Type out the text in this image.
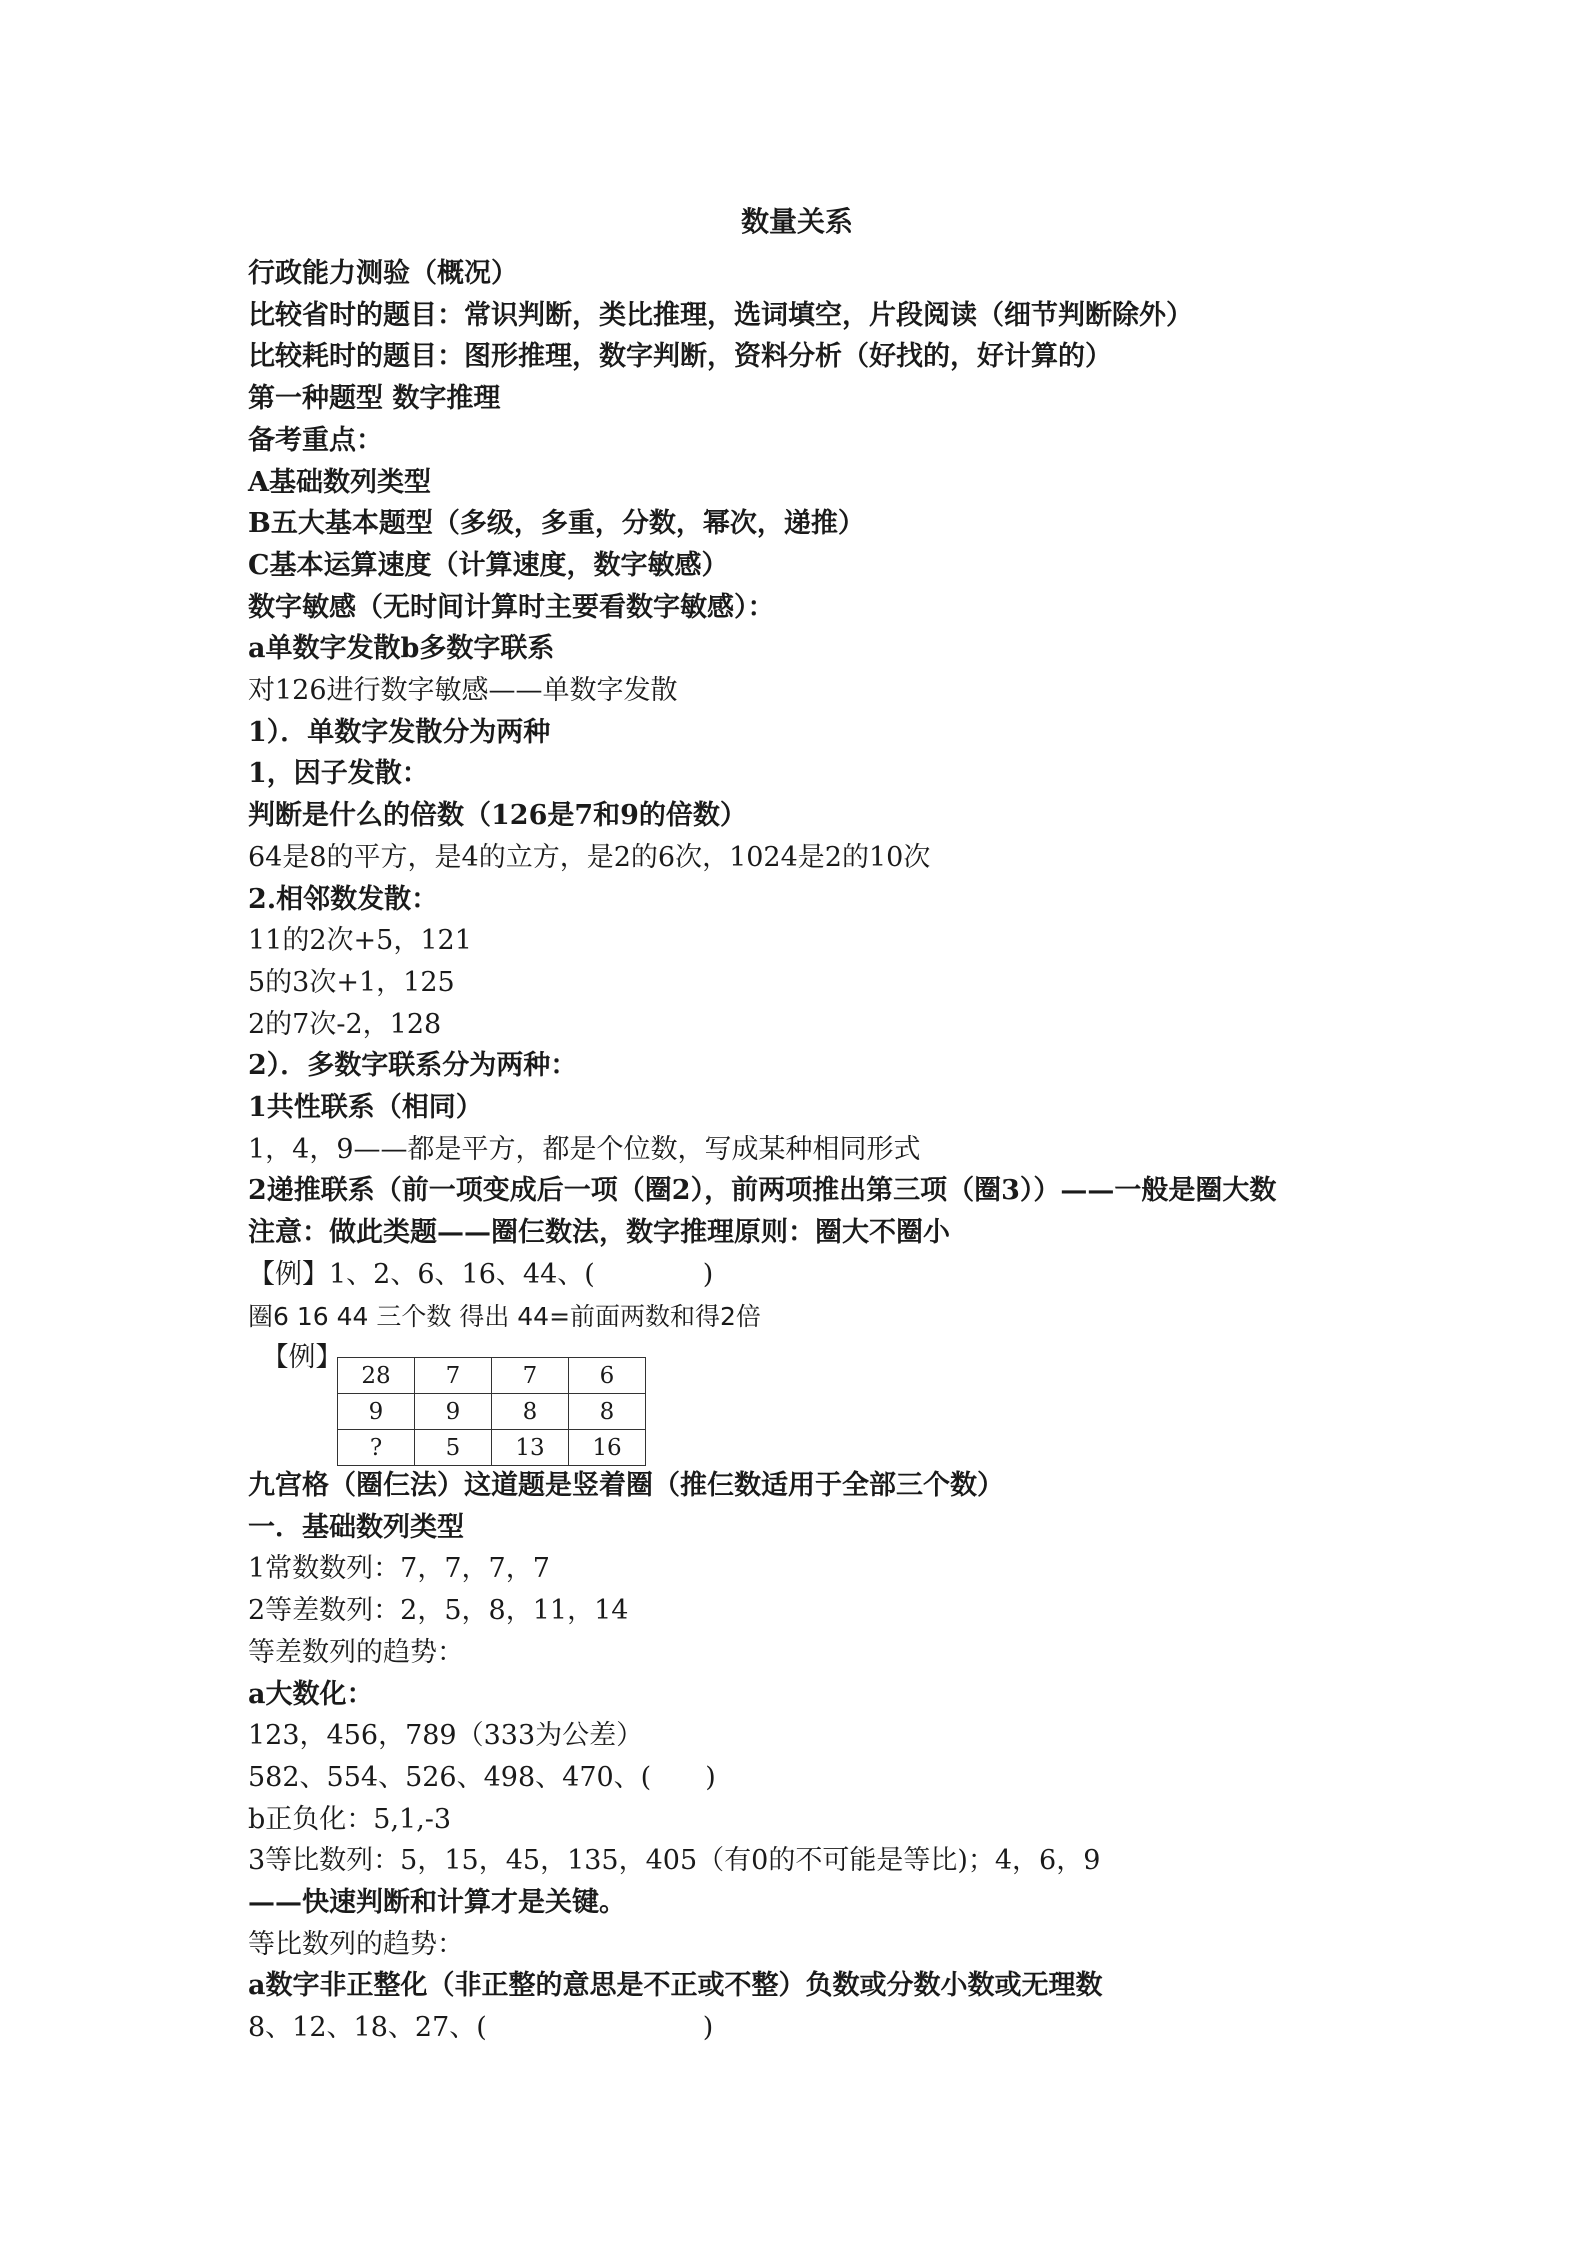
数量关系
行政能力测验（概况）
比较省时的题目：常识判断，类比推理，选词填空，片段阅读（细节判断除外）
比较耗时的题目：图形推理，数字判断，资料分析（好找的，好计算的）
第一种题型 数字推理
备考重点：
A基础数列类型
B五大基本题型（多级，多重，分数，幂次，递推）
C基本运算速度（计算速度，数字敏感）
数字敏感（无时间计算时主要看数字敏感）：
a单数字发散b多数字联系
对126进行数字敏感——单数字发散
1）．单数字发散分为两种
1，因子发散：
判断是什么的倍数（126是7和9的倍数）
64是8的平方，是4的立方，是2的6次，1024是2的10次
2.相邻数发散：
11的2次+5，121
5的3次+1，125
2的7次-2，128
2）．多数字联系分为两种：
1共性联系（相同）
1，4，9——都是平方，都是个位数，写成某种相同形式
2递推联系（前一项变成后一项（圈2），前两项推出第三项（圈3））——一般是圈大数
注意：做此类题——圈仨数法，数字推理原则：圈大不圈小
【例】1、2、6、16、44、(　　　　)
圈6 16 44 三个数 得出 44=前面两数和得2倍
　【例】
28	7	7	6
9	9	8	8
?	5	13	16
九宫格（圈仨法）这道题是竖着圈（推仨数适用于全部三个数）
一．基础数列类型
1常数数列：7，7，7，7
2等差数列：2，5，8，11，14
等差数列的趋势：
a大数化：
123，456，789（333为公差）
582、554、526、498、470、(　　)
b正负化：5,1,-3
3等比数列：5，15，45，135，405（有0的不可能是等比)；4，6，9
——快速判断和计算才是关键。
等比数列的趋势：
a数字非正整化（非正整的意思是不正或不整）负数或分数小数或无理数
8、12、18、27、(　　　　　　　　)
